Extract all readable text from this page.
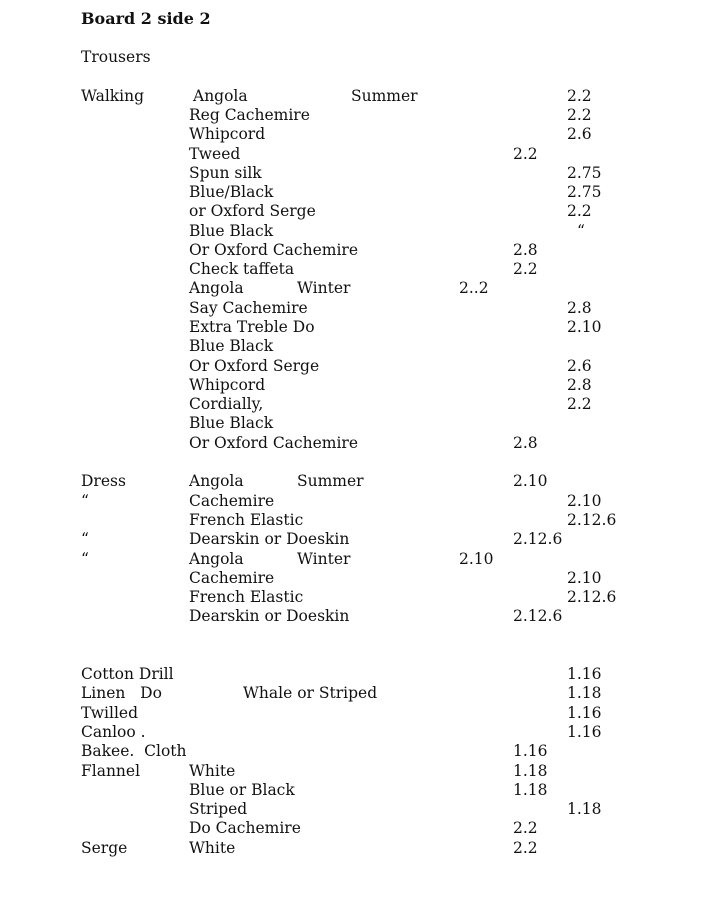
Board 2 side 2
Trousers
Walking	Angola	Summer	2.2
Reg Cachemire	2.2
Whipcord	2.6
Tweed	2.2
Spun silk	2.75
Blue/Black	2.75
or Oxford Serge	2.2
Blue Black	“
Or Oxford Cachemire	2.8
Check taffeta	2.2
Angola	Winter	2..2
Say Cachemire	2.8
Extra Treble Do	2.10
Blue Black
Or Oxford Serge	2.6
Whipcord	2.8
Cordially,	2.2
Blue Black
Or Oxford Cachemire	2.8
Dress	Angola	Summer	2.10
“	Cachemire	2.10
French Elastic	2.12.6
“	Dearskin or Doeskin	2.12.6
“	Angola	Winter	2.10
Cachemire	2.10
French Elastic	2.12.6
Dearskin or Doeskin	2.12.6
Cotton Drill	1.16
Linen   Do	Whale or Striped	1.18
Twilled	1.16
Canloo .	1.16
Bakee.  Cloth	1.16
Flannel	White	1.18
Blue or Black	1.18
Striped	1.18
Do Cachemire	2.2
Serge	White	2.2
